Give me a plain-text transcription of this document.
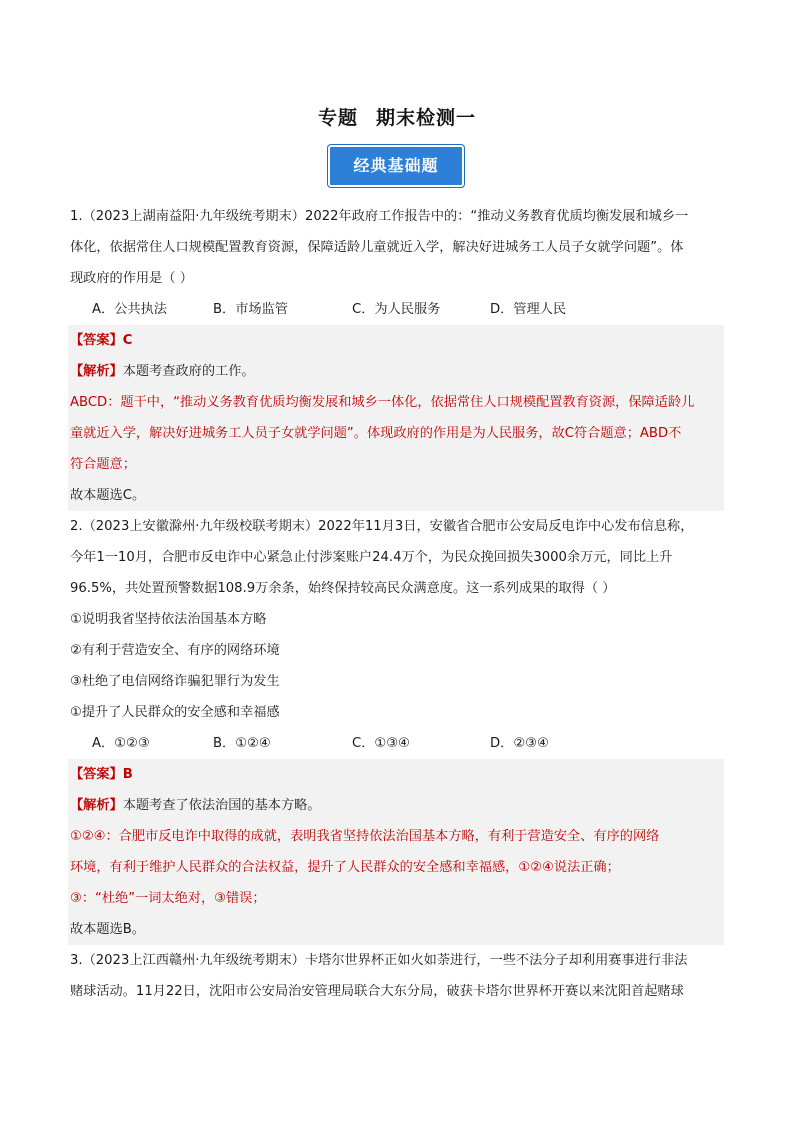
专题 期末检测一
经典基础题
1.（2023上湖南益阳·九年级统考期末）2022年政府工作报告中的：“推动义务教育优质均衡发展和城乡一
体化，依据常住人口规模配置教育资源，保障适龄儿童就近入学，解决好进城务工人员子女就学问题”。体
现政府的作用是（ ）
A．公共执法	B．市场监管	C．为人民服务	D．管理人民
【答案】C
【解析】本题考查政府的工作。
ABCD：题干中，“推动义务教育优质均衡发展和城乡一体化，依据常住人口规模配置教育资源，保障适龄儿
童就近入学，解决好进城务工人员子女就学问题”。体现政府的作用是为人民服务，故C符合题意；ABD不
符合题意；
故本题选C。
2.（2023上安徽滁州·九年级校联考期末）2022年11月3日，安徽省合肥市公安局反电诈中心发布信息称，
今年1一10月，合肥市反电诈中心紧急止付涉案账户24.4万个，为民众挽回损失3000余万元，同比上升
96.5%，共处置预警数据108.9万余条，始终保持较高民众满意度。这一系列成果的取得（ ）
①说明我省坚持依法治国基本方略
②有利于营造安全、有序的网络环境
③杜绝了电信网络诈骗犯罪行为发生
①提升了人民群众的安全感和幸福感
A．①②③	B．①②④	C．①③④	D．②③④
【答案】B
【解析】本题考查了依法治国的基本方略。
①②④：合肥市反电诈中取得的成就，表明我省坚持依法治国基本方略，有利于营造安全、有序的网络
环境，有利于维护人民群众的合法权益，提升了人民群众的安全感和幸福感，①②④说法正确；
③：“杜绝”一词太绝对，③错误；
故本题选B。
3.（2023上江西赣州·九年级统考期末）卡塔尔世界杯正如火如荼进行，一些不法分子却利用赛事进行非法
赌球活动。11月22日，沈阳市公安局治安管理局联合大东分局，破获卡塔尔世界杯开赛以来沈阳首起赌球
